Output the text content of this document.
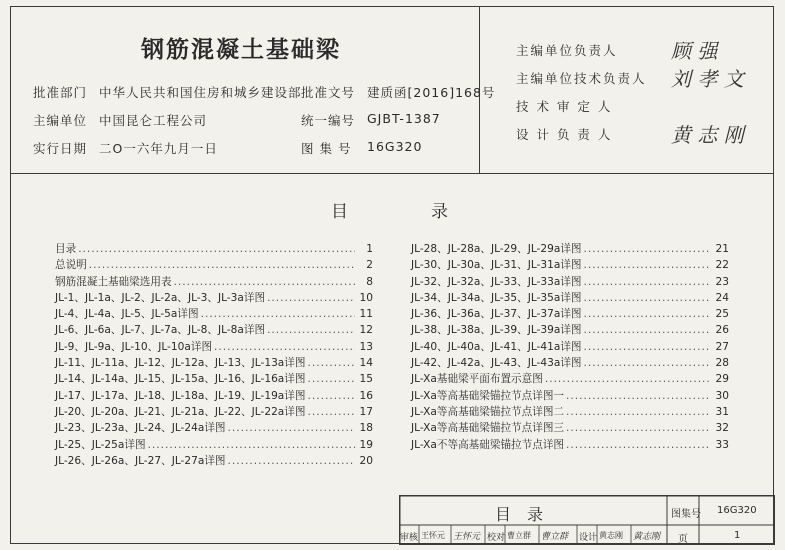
钢筋混凝土基础梁
批准部门 中华人民共和国住房和城乡建设部 批准文号 建质函[2016]168号
主编单位 中国昆仑工程公司	统一编号 GJBT-1387
实行日期 二O一六年九月一日	图 集 号 16G320
主编单位负责人	顾 强
主编单位技术负责人 刘 孝 文
技 术 审 定 人
设 计 负 责 人	黄 志 刚
目	录
目录 .....	1
总说明 .....	2
钢筋混凝土基础梁选用表 .....	8
JL-1、JL-1a、JL-2、JL-2a、JL-3、JL-3a详图 .....	10
JL-4、JL-4a、JL-5、JL-5a详图 .....	11
JL-6、JL-6a、JL-7、JL-7a、JL-8、JL-8a详图 .....	12
JL-9、JL-9a、JL-10、JL-10a详图 .....	13
JL-11、JL-11a、JL-12、JL-12a、JL-13、JL-13a详图 .....	14
JL-14、JL-14a、JL-15、JL-15a、JL-16、JL-16a详图 .....	15
JL-17、JL-17a、JL-18、JL-18a、JL-19、JL-19a详图 .....	16
JL-20、JL-20a、JL-21、JL-21a、JL-22、JL-22a详图 .....	17
JL-23、JL-23a、JL-24、JL-24a详图 .....	18
JL-25、JL-25a详图 .....	19
JL-26、JL-26a、JL-27、JL-27a详图 .....	20
JL-28、JL-28a、JL-29、JL-29a详图 .....	21
JL-30、JL-30a、JL-31、JL-31a详图 .....	22
JL-32、JL-32a、JL-33、JL-33a详图 .....	23
JL-34、JL-34a、JL-35、JL-35a详图 .....	24
JL-36、JL-36a、JL-37、JL-37a详图 .....	25
JL-38、JL-38a、JL-39、JL-39a详图 .....	26
JL-40、JL-40a、JL-41、JL-41a详图 .....	27
JL-42、JL-42a、JL-43、JL-43a详图 .....	28
JL-Xa基础梁平面布置示意图 .....	29
JL-Xa等高基础梁锚拉节点详图一 .....	30
JL-Xa等高基础梁锚拉节点详图二 .....	31
JL-Xa等高基础梁锚拉节点详图三 .....	32
JL-Xa不等高基础梁锚拉节点详图 .....	33
目录	图集号 16G320
审核 王怀元 王怀元 校对 曹立群 曹立群 设计 黄志刚 黄志刚 页	1
